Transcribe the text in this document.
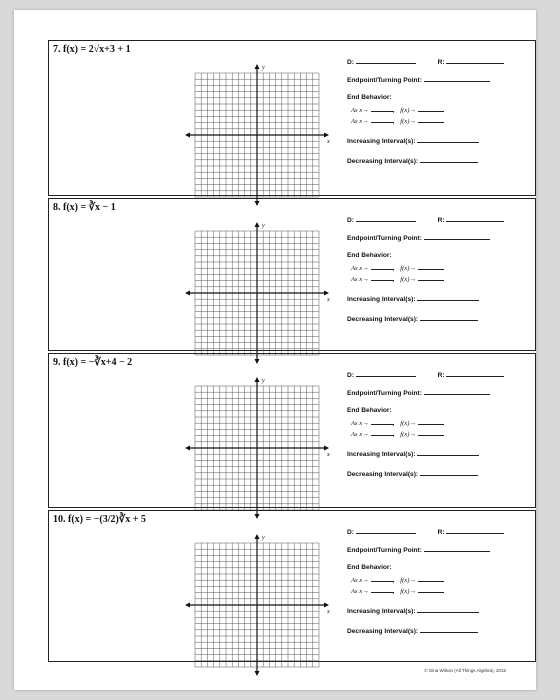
7. f(x) = 2√x+3 + 1
y
x
D:	R:
Endpoint/Turning Point:
End Behavior:
As x→	, f(x)→
As x→	, f(x)→
Increasing Interval(s):
Decreasing Interval(s):
8. f(x) = ∛x − 1
y
x
D:	R:
Endpoint/Turning Point:
End Behavior:
As x→	, f(x)→
As x→	, f(x)→
Increasing Interval(s):
Decreasing Interval(s):
9. f(x) = −∛x+4 − 2
y
x
D:	R:
Endpoint/Turning Point:
End Behavior:
As x→	, f(x)→
As x→	, f(x)→
Increasing Interval(s):
Decreasing Interval(s):
10. f(x) = −(3/2)∛x + 5
y
x
D:	R:
Endpoint/Turning Point:
End Behavior:
As x→	, f(x)→
As x→	, f(x)→
Increasing Interval(s):
Decreasing Interval(s):
© Gina Wilson (All Things Algebra), 2015
